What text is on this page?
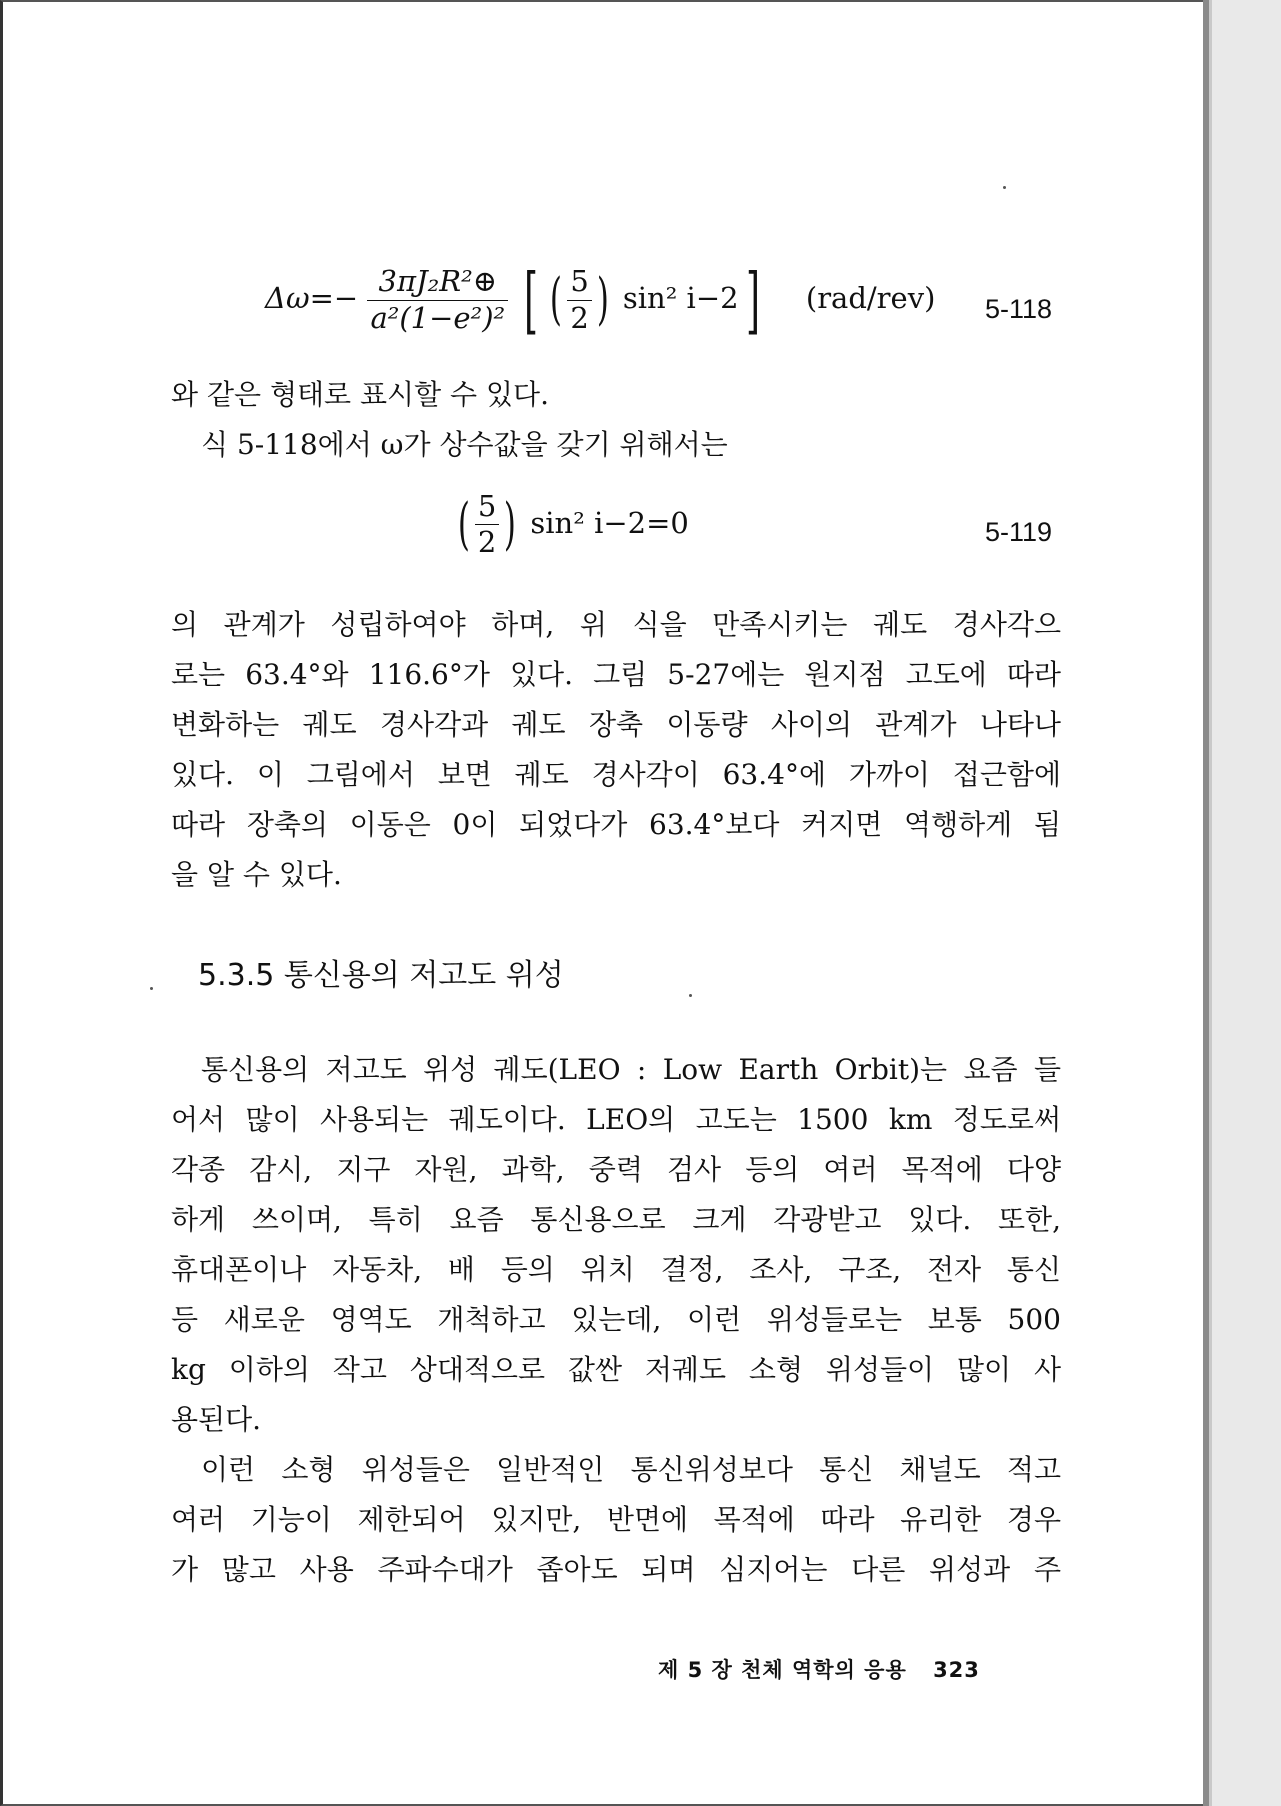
$\Delta\omega=- \frac{\text{3πJ₂R²⊕}}{\text{a²(1−e²)²}}$ [ ( $\frac{5}{2}$ ) sin² i−2] (rad/rev) 5-118

와 같은 형태로 표시할 수 있다.

식 5-118에서 ω가 상수값을 갖기 위해서는

( $\frac{5}{2}$ ) sin² i−2=0	5-119

의 관계가 성립하여야 하며, 위 식을 만족시키는 궤도 경사각으

로는 63.4°와 116.6°가 있다. 그림 5-27에는 원지점 고도에 따라

변화하는 궤도 경사각과 궤도 장축 이동량 사이의 관계가 나타나

있다. 이 그림에서 보면 궤도 경사각이 63.4°에 가까이 접근함에

따라 장축의 이동은 0이 되었다가 63.4°보다 커지면 역행하게 됨

을 알 수 있다.

5.3.5 통신용의 저고도 위성

통신용의 저고도 위성 궤도(LEO : Low Earth Orbit)는 요즘 들

어서 많이 사용되는 궤도이다. LEO의 고도는 1500 km 정도로써

각종 감시, 지구 자원, 과학, 중력 검사 등의 여러 목적에 다양

하게 쓰이며, 특히 요즘 통신용으로 크게 각광받고 있다. 또한,

휴대폰이나 자동차, 배 등의 위치 결정, 조사, 구조, 전자 통신

등 새로운 영역도 개척하고 있는데, 이런 위성들로는 보통 500

kg 이하의 작고 상대적으로 값싼 저궤도 소형 위성들이 많이 사

용된다.

이런 소형 위성들은 일반적인 통신위성보다 통신 채널도 적고

여러 기능이 제한되어 있지만, 반면에 목적에 따라 유리한 경우

가 많고 사용 주파수대가 좁아도 되며 심지어는 다른 위성과 주

제 5 장 천체 역학의 응용 323
